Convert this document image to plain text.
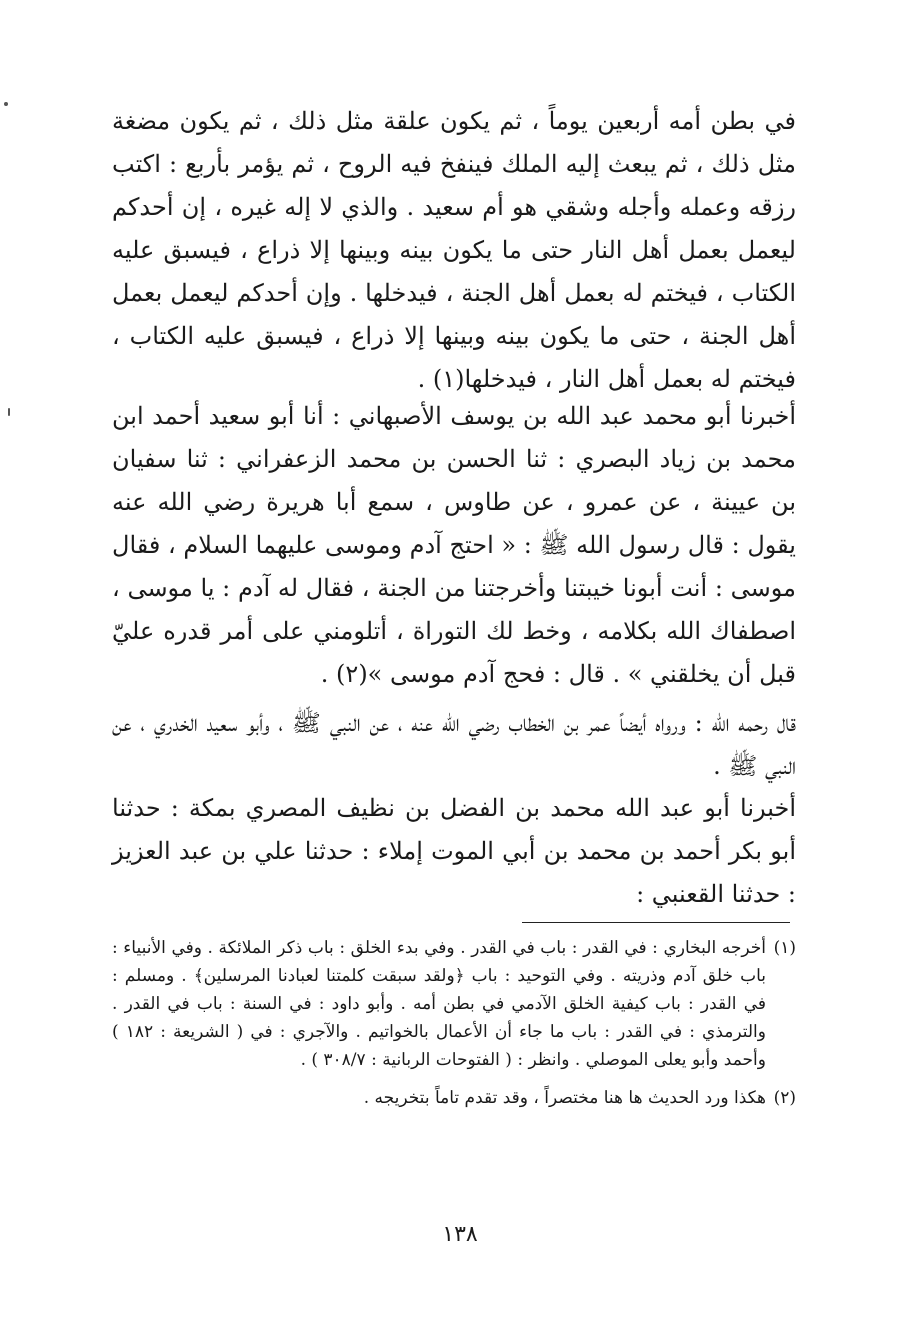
في بطن أمه أربعين يوماً ، ثم يكون علقة مثل ذلك ، ثم يكون مضغة مثل ذلك ، ثم يبعث إليه الملك فينفخ فيه الروح ، ثم يؤمر بأربع : اكتب رزقه وعمله وأجله وشقي هو أم سعيد . والذي لا إله غيره ، إن أحدكم ليعمل بعمل أهل النار حتى ما يكون بينه وبينها إلا ذراع ، فيسبق عليه الكتاب ، فيختم له بعمل أهل الجنة ، فيدخلها . وإن أحدكم ليعمل بعمل أهل الجنة ، حتى ما يكون بينه وبينها إلا ذراع ، فيسبق عليه الكتاب ، فيختم له بعمل أهل النار ، فيدخلها(١) .

أخبرنا أبو محمد عبد الله بن يوسف الأصبهاني : أنا أبو سعيد أحمد ابن محمد بن زياد البصري : ثنا الحسن بن محمد الزعفراني : ثنا سفيان بن عيينة ، عن عمرو ، عن طاوس ، سمع أبا هريرة رضي الله عنه يقول : قال رسول الله ﷺ : « احتج آدم وموسى عليهما السلام ، فقال موسى : أنت أبونا خيبتنا وأخرجتنا من الجنة ، فقال له آدم : يا موسى ، اصطفاك الله بكلامه ، وخط لك التوراة ، أتلومني على أمر قدره عليّ قبل أن يخلقني » . قال : فحج آدم موسى »(٢) .

قال رحمه الله : ورواه أيضاً عمر بن الخطاب رضي الله عنه ، عن النبي ﷺ ، وأبو سعيد الخدري ، عن النبي ﷺ .

أخبرنا أبو عبد الله محمد بن الفضل بن نظيف المصري بمكة : حدثنا أبو بكر أحمد بن محمد بن أبي الموت إملاء : حدثنا علي بن عبد العزيز : حدثنا القعنبي :

(١)
أخرجه البخاري : في القدر : باب في القدر . وفي بدء الخلق : باب ذكر الملائكة . وفي الأنبياء : باب خلق آدم وذريته . وفي التوحيد : باب ﴿ولقد سبقت كلمتنا لعبادنا المرسلين﴾ . ومسلم : في القدر : باب كيفية الخلق الآدمي في بطن أمه . وأبو داود : في السنة : باب في القدر . والترمذي : في القدر : باب ما جاء أن الأعمال بالخواتيم . والآجري : في ( الشريعة : ١٨٢ ) وأحمد وأبو يعلى الموصلي . وانظر : ( الفتوحات الربانية : ٣٠٨/٧ ) .
(٢)
هكذا ورد الحديث ها هنا مختصراً ، وقد تقدم تاماً بتخريجه .
١٣٨
